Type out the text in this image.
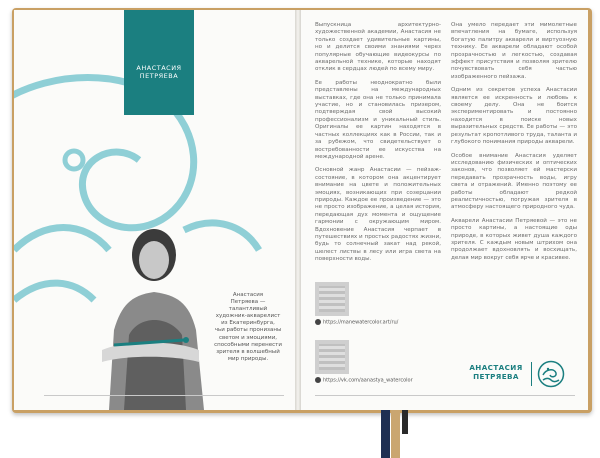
АНАСТАСИЯ
ПЕТРЯЕВА
Анастасия
Петряева —
талантливый
художник-акварелист
из Екатеринбурга,
чьи работы пронизаны
светом и эмоциями,
способными перенести
зрителя в волшебный
мир природы.

Выпускница архитектурно-художественной академии, Анастасия не только создает удивительные картины, но и делится своими знаниями через популярные обучающие видеокурсы по акварельной технике, которые находят отклик в сердцах людей по всему миру.

Ее работы неоднократно были представлены на международных выставках, где она не только принимала участие, но и становилась призером, подтверждая свой высокий профессионализм и уникальный стиль. Оригиналы ее картин находятся в частных коллекциях как в России, так и за рубежом, что свидетельствует о востребованности ее искусства на международной арене.

Основной жанр Анастасии — пейзаж-состояние, в котором она акцентирует внимание на цвете и положительных эмоциях, возникающих при созерцании природы. Каждое ее произведение — это не просто изображение, а целая история, передающая дух момента и ощущение гармонии с окружающим миром. Вдохновение Анастасия черпает в путешествиях и простых радостях жизни, будь то солнечный закат над рекой, шелест листвы в лесу или игра света на поверхности воды.

Она умело передает эти мимолетные впечатления на бумаге, используя богатую палитру акварели и виртуозную технику. Ее акварели обладают особой прозрачностью и легкостью, создавая эффект присутствия и позволяя зрителю почувствовать себя частью изображенного пейзажа.

Одним из секретов успеха Анастасии является ее искренность и любовь к своему делу. Она не боится экспериментировать и постоянно находится в поиске новых выразительных средств. Ее работы — это результат кропотливого труда, таланта и глубокого понимания природы акварели.

Особое внимание Анастасия уделяет исследованию физических и оптических законов, что позволяет ей мастерски передавать прозрачность воды, игру света и отражений. Именно поэтому ее работы обладают редкой реалистичностью, погружая зрителя в атмосферу настоящего природного чуда.

Акварели Анастасии Петряевой — это не просто картины, а настоящие оды природе, в которых живет душа каждого зрителя. С каждым новым штрихом она продолжает вдохновлять и восхищать, делая мир вокруг себя ярче и красивее.

https://mаnewatercolor.art/ru/
https://vk.com/aanastya_watercolor
АНАСТАСИЯ
ПЕТРЯЕВА
